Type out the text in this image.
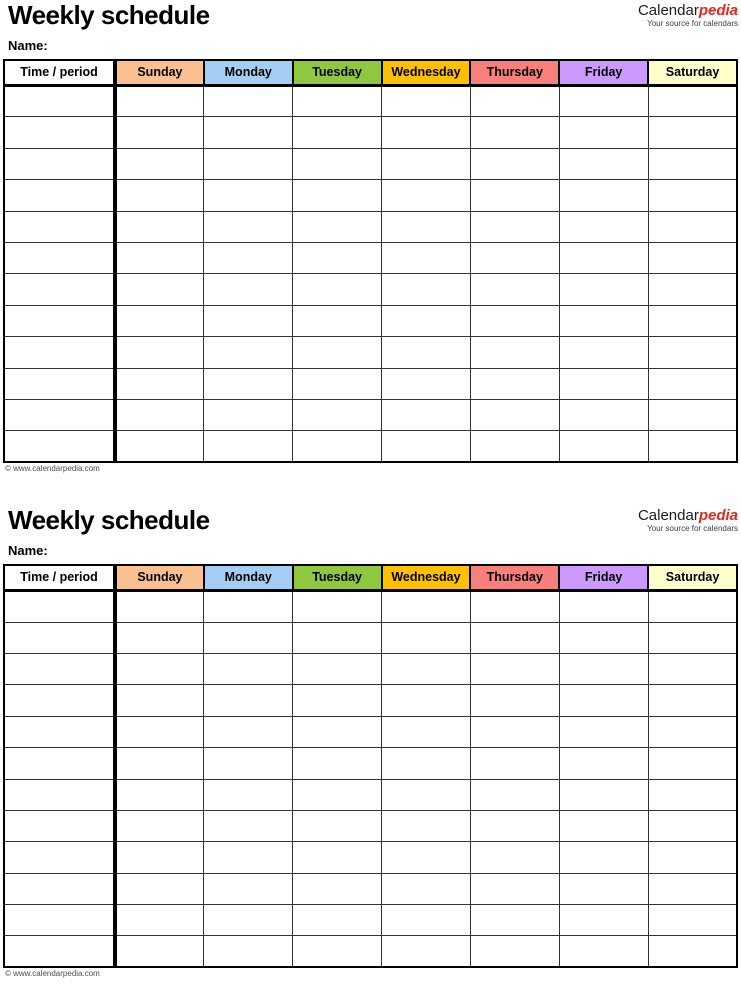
Weekly schedule	Calendarpedia
Your source for calendars
Name:
Time / period	Sunday	Monday	Tuesday	Wednesday	Thursday	Friday	Saturday

© www.calendarpedia.com
Weekly schedule	Calendarpedia
Your source for calendars
Name:
Time / period	Sunday	Monday	Tuesday	Wednesday	Thursday	Friday	Saturday

© www.calendarpedia.com
